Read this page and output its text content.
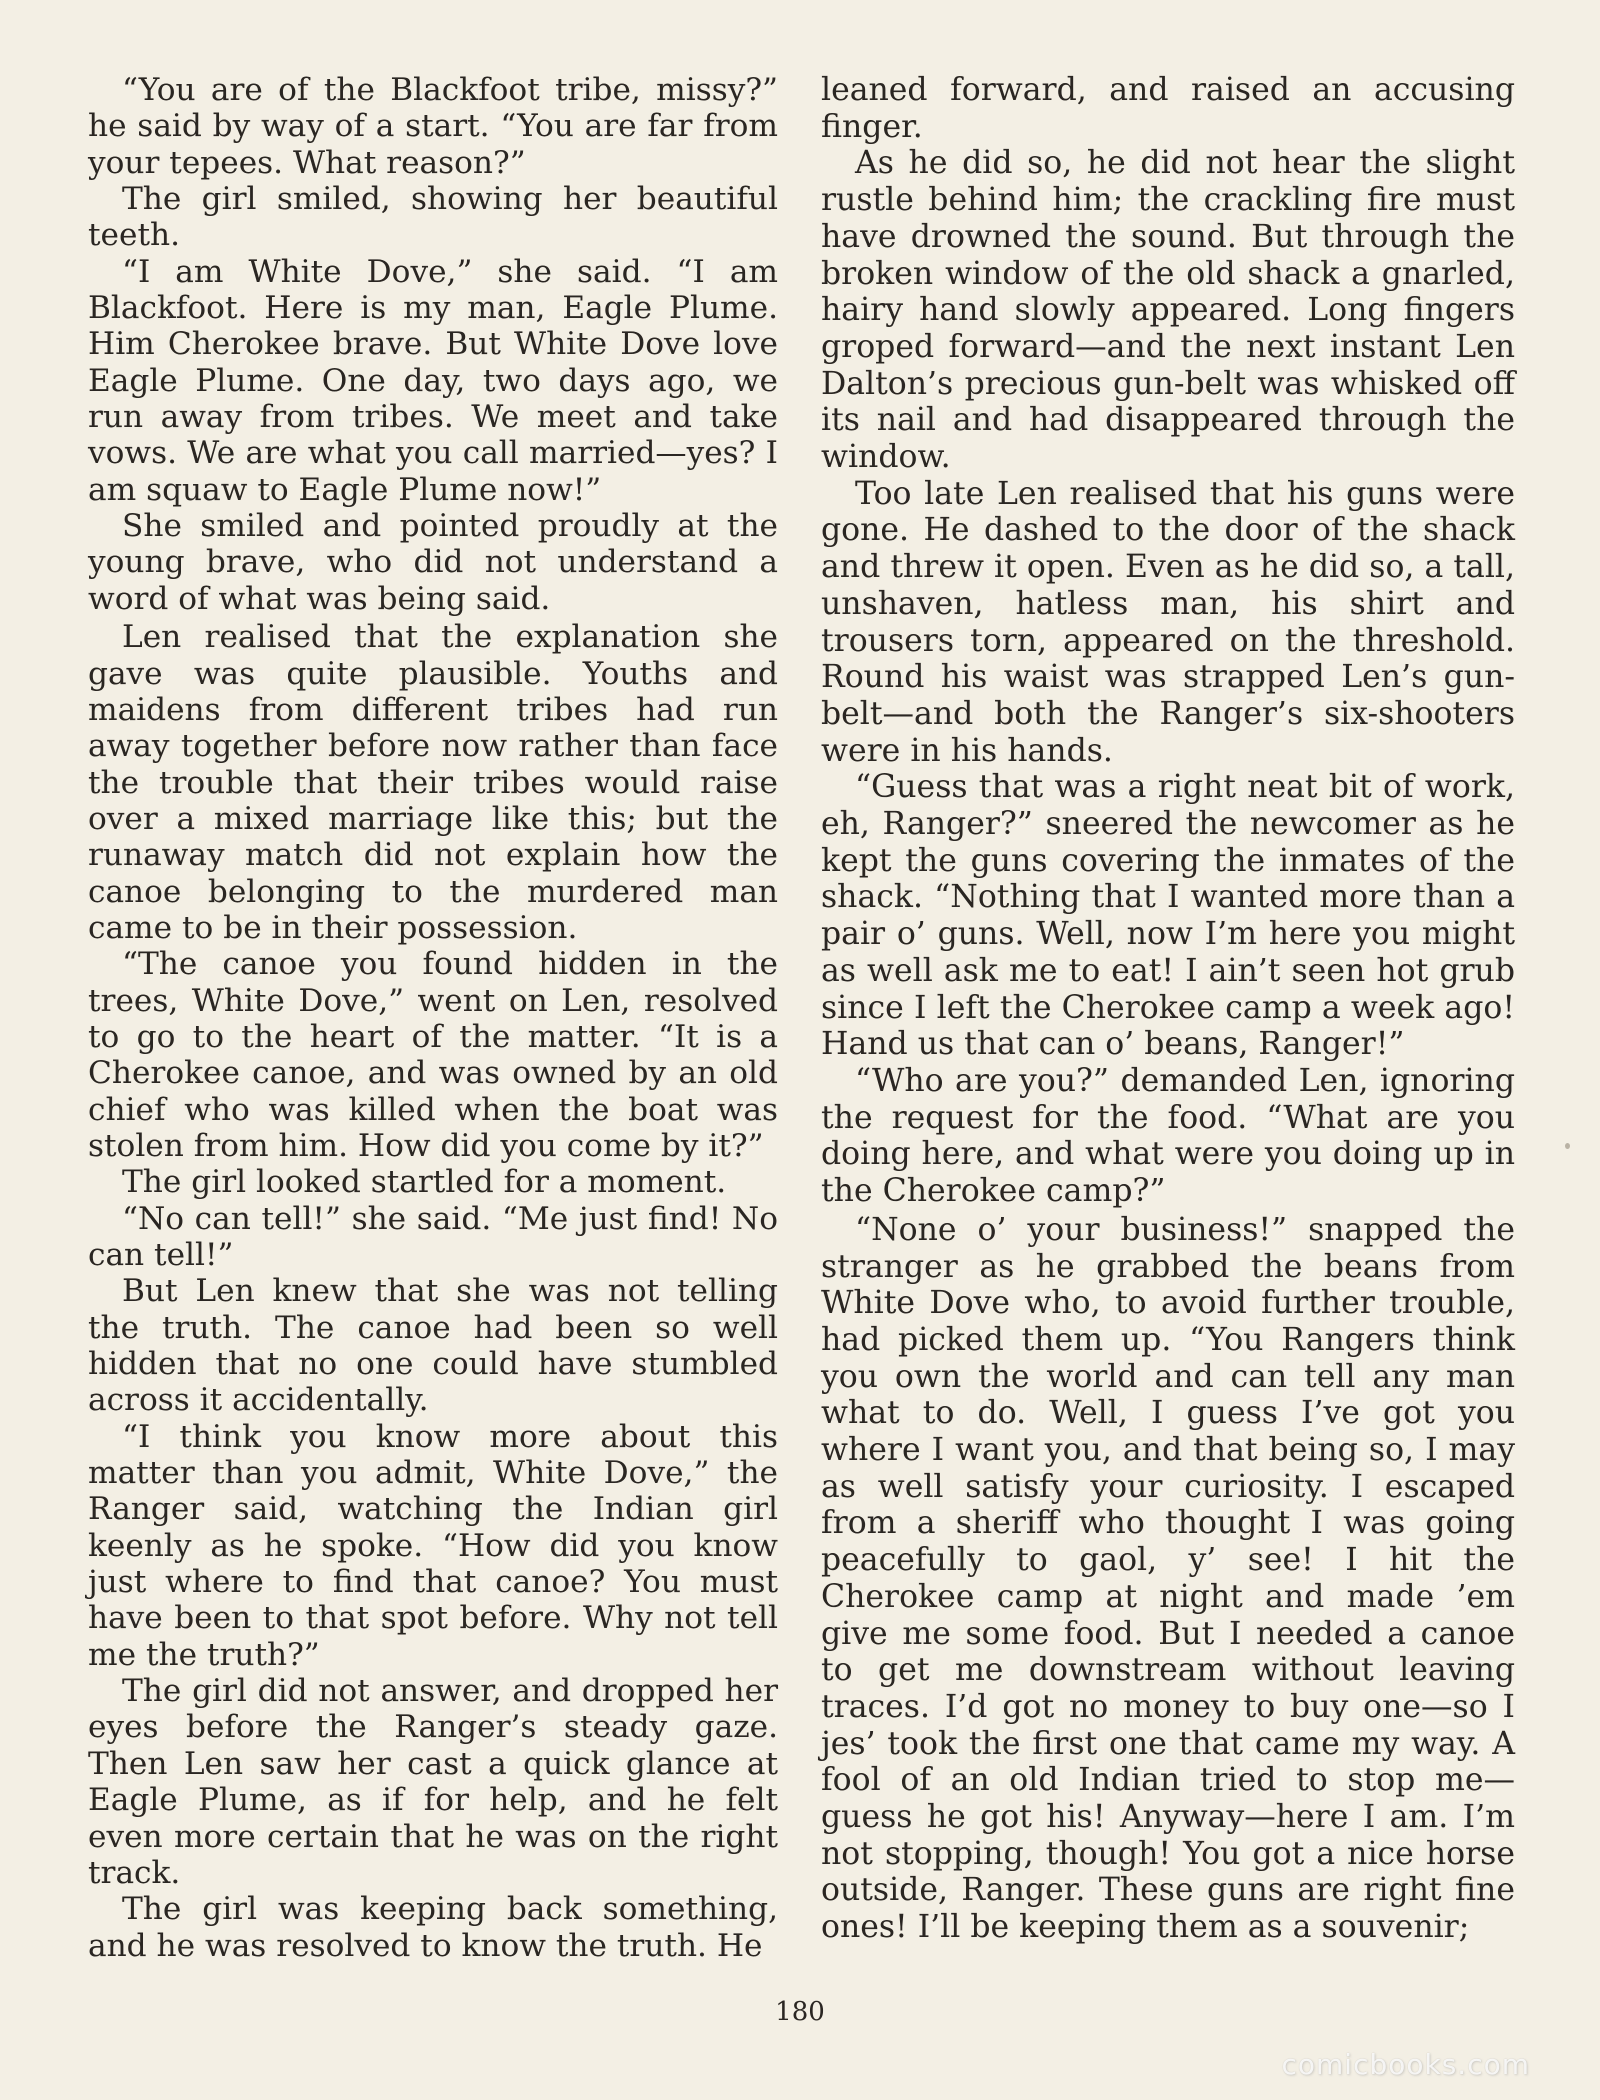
“You are of the Blackfoot tribe, missy?” he said by way of a start. “You are far from your tepees. What reason?”

The girl smiled, showing her beautiful teeth.

“I am White Dove,” she said. “I am Blackfoot. Here is my man, Eagle Plume. Him Cherokee brave. But White Dove love Eagle Plume. One day, two days ago, we run away from tribes. We meet and take vows. We are what you call married—yes? I am squaw to Eagle Plume now!”

She smiled and pointed proudly at the young brave, who did not understand a word of what was being said.

Len realised that the explanation she gave was quite plausible. Youths and maidens from different tribes had run away together before now rather than face the trouble that their tribes would raise over a mixed marriage like this; but the runaway match did not explain how the canoe belonging to the murdered man came to be in their possession.

“The canoe you found hidden in the trees, White Dove,” went on Len, resolved to go to the heart of the matter. “It is a Cherokee canoe, and was owned by an old chief who was killed when the boat was stolen from him. How did you come by it?”

The girl looked startled for a moment.

“No can tell!” she said. “Me just find! No can tell!”

But Len knew that she was not telling the truth. The canoe had been so well hidden that no one could have stumbled across it accidentally.

“I think you know more about this matter than you admit, White Dove,” the Ranger said, watching the Indian girl keenly as he spoke. “How did you know just where to find that canoe? You must have been to that spot before. Why not tell me the truth?”

The girl did not answer, and dropped her eyes before the Ranger’s steady gaze. Then Len saw her cast a quick glance at Eagle Plume, as if for help, and he felt even more certain that he was on the right track.

The girl was keeping back something, and he was resolved to know the truth. He

leaned forward, and raised an accusing finger.

As he did so, he did not hear the slight rustle behind him; the crackling fire must have drowned the sound. But through the broken window of the old shack a gnarled, hairy hand slowly appeared. Long fingers groped forward—and the next instant Len Dalton’s precious gun-belt was whisked off its nail and had disappeared through the window.

Too late Len realised that his guns were gone. He dashed to the door of the shack and threw it open. Even as he did so, a tall, unshaven, hatless man, his shirt and trousers torn, appeared on the threshold. Round his waist was strapped Len’s gun-belt—and both the Ranger’s six-shooters were in his hands.

“Guess that was a right neat bit of work, eh, Ranger?” sneered the newcomer as he kept the guns covering the inmates of the shack. “Nothing that I wanted more than a pair o’ guns. Well, now I’m here you might as well ask me to eat! I ain’t seen hot grub since I left the Cherokee camp a week ago! Hand us that can o’ beans, Ranger!”

“Who are you?” demanded Len, ignoring the request for the food. “What are you doing here, and what were you doing up in the Cherokee camp?”

“None o’ your business!” snapped the stranger as he grabbed the beans from White Dove who, to avoid further trouble, had picked them up. “You Rangers think you own the world and can tell any man what to do. Well, I guess I’ve got you where I want you, and that being so, I may as well satisfy your curiosity. I escaped from a sheriff who thought I was going peacefully to gaol, y’ see! I hit the Cherokee camp at night and made ’em give me some food. But I needed a canoe to get me downstream without leaving traces. I’d got no money to buy one—so I jes’ took the first one that came my way. A fool of an old Indian tried to stop me—guess he got his! Anyway—here I am. I’m not stopping, though! You got a nice horse outside, Ranger. These guns are right fine ones! I’ll be keeping them as a souvenir;

180
comicbooks.com
